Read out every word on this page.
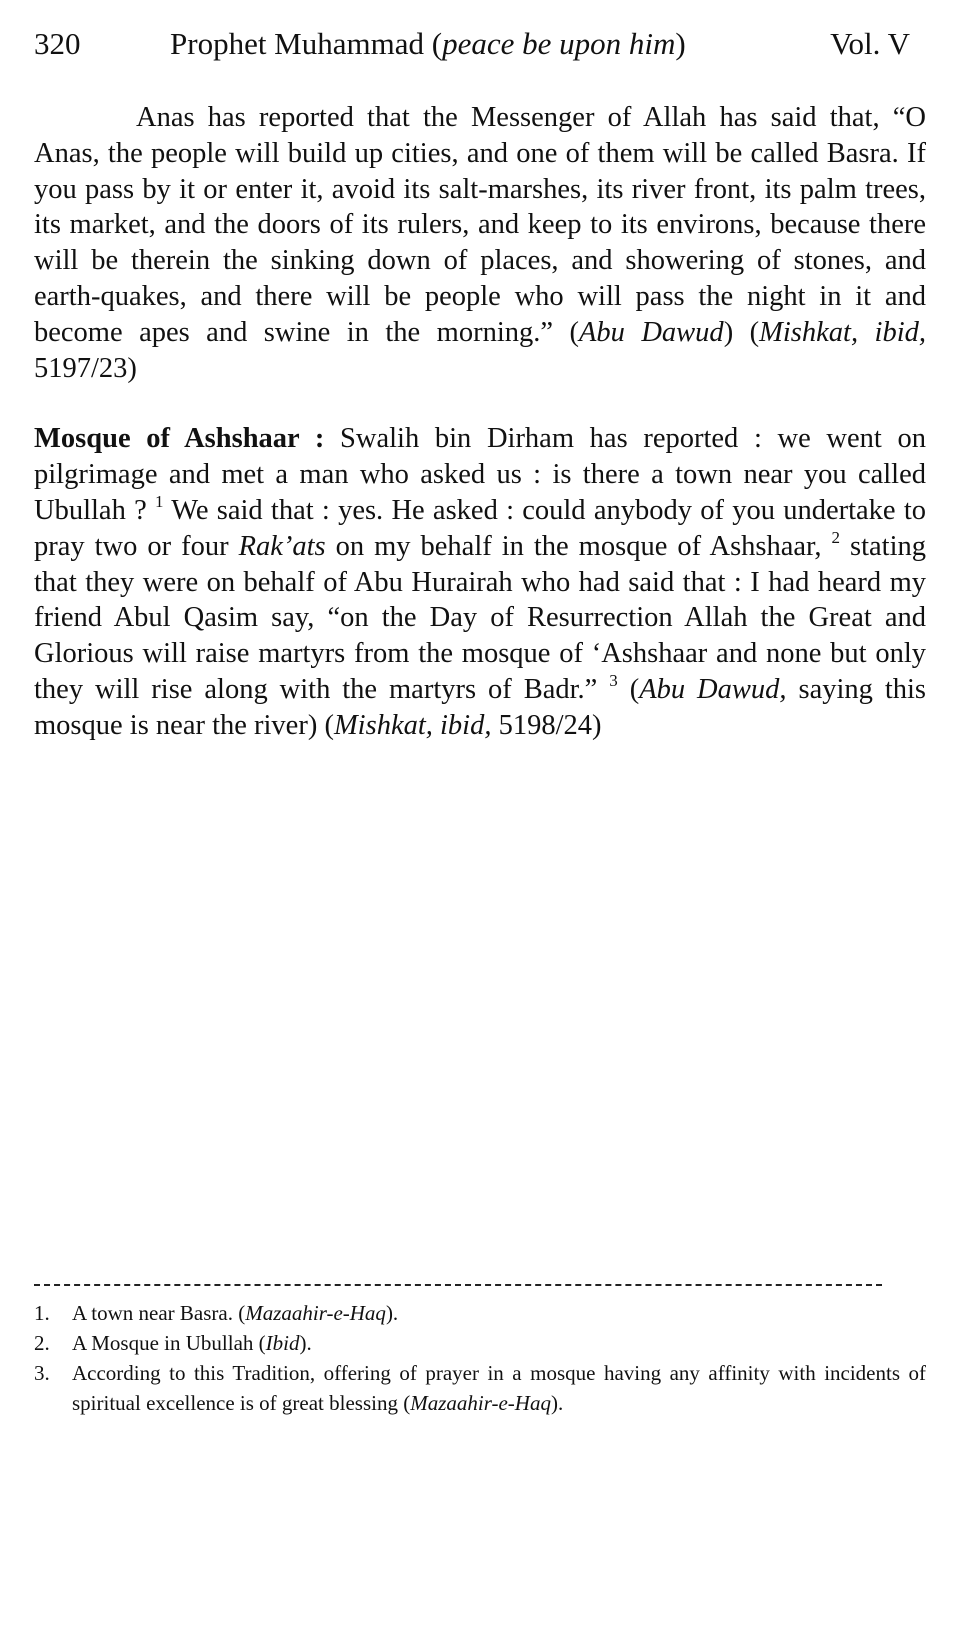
320	Prophet Muhammad (peace be upon him)	Vol. V

Anas has reported that the Messenger of Allah has said that, “O Anas, the people will build up cities, and one of them will be called Basra. If you pass by it or enter it, avoid its salt-marshes, its river front, its palm trees, its market, and the doors of its rulers, and keep to its environs, because there will be therein the sinking down of places, and showering of stones, and earth-quakes, and there will be people who will pass the night in it and become apes and swine in the morning.” (Abu Dawud) (Mishkat, ibid, 5197/23)

Mosque of Ashshaar : Swalih bin Dirham has reported : we went on pilgrimage and met a man who asked us : is there a town near you called Ubullah ? $^1$ We said that : yes. He asked : could anybody of you undertake to pray two or four Rak’ats on my behalf in the mosque of Ashshaar, $^2$ stating that they were on behalf of Abu Hurairah who had said that : I had heard my friend Abul Qasim say, “on the Day of Resurrection Allah the Great and Glorious will raise martyrs from the mosque of ‘Ashshaar and none but only they will rise along with the martyrs of Badr.” $^3$ (Abu Dawud, saying this mosque is near the river) (Mishkat, ibid, 5198/24)

1.	A town near Basra. (Mazaahir-e-Haq).
2.	A Mosque in Ubullah (Ibid).
3.	According to this Tradition, offering of prayer in a mosque having any affinity with incidents of spiritual excellence is of great blessing (Mazaahir-e-Haq).
